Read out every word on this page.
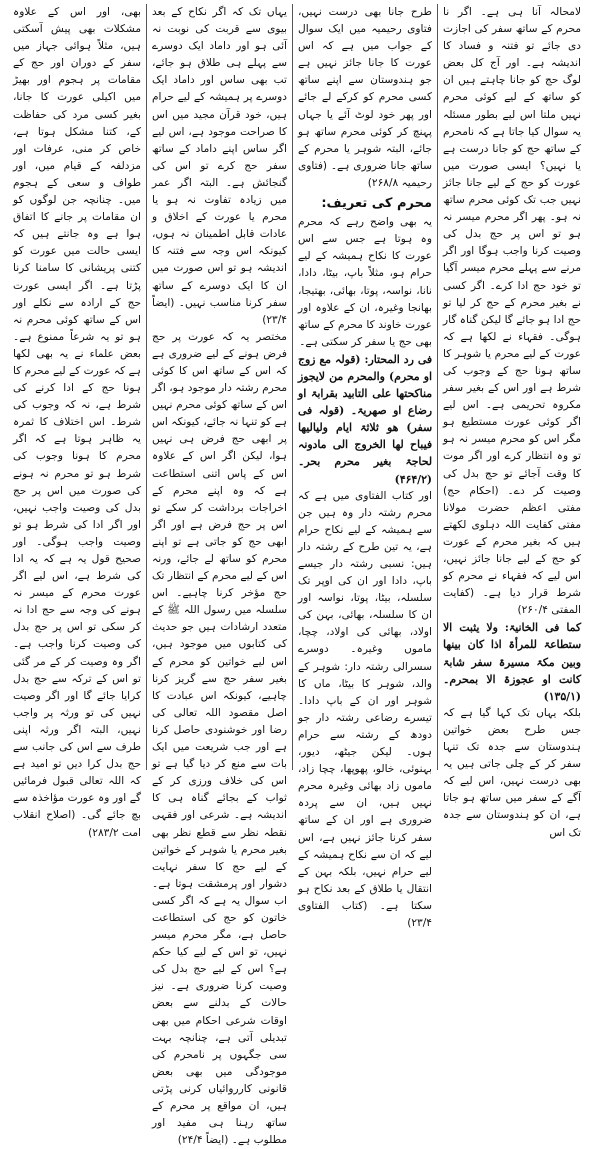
لامحالہ آنا ہی ہے۔ اگر نا محرم کے ساتھ سفر کی اجازت دی جائے تو فتنہ و فساد کا اندیشہ ہے۔ اور آج کل بعض لوگ حج کو جانا چاہتے ہیں ان کو ساتھ کے لیے کوئی محرم نہیں ملتا اس لیے بطور مسئلہ یہ سوال کیا جاتا ہے کہ نامحرم کے ساتھ حج کو جانا درست ہے یا نہیں؟ ایسی صورت میں عورت کو حج کے لیے جانا جائز نہیں جب تک کوئی محرم ساتھ نہ ہو۔ پھر اگر محرم میسر نہ ہو تو اس پر حج بدل کی وصیت کرنا واجب ہوگا اور اگر مرنے سے پہلے محرم میسر آگیا تو خود حج ادا کرے۔ اگر کسی نے بغیر محرم کے حج کر لیا تو حج ادا ہو جائے گا لیکن گناہ گار ہوگی۔ فقہاء نے لکھا ہے کہ عورت کے لیے محرم یا شوہر کا ساتھ ہونا حج کے وجوب کی شرط ہے اور اس کے بغیر سفر مکروہ تحریمی ہے۔ اس لیے اگر کوئی عورت مستطیع ہو مگر اس کو محرم میسر نہ ہو تو وہ انتظار کرے اور اگر موت کا وقت آجائے تو حج بدل کی وصیت کر دے۔ (احکام حج) مفتی اعظم حضرت مولانا مفتی کفایت اللہ دہلوی لکھتے ہیں کہ بغیر محرم کے عورت کو حج کے لیے جانا جائز نہیں، اس لیے کہ فقہاء نے محرم کو شرط قرار دیا ہے۔ (کفایت المفتی ۲۶۰/۴)

کما فی الخانیۃ: ولا یثبت الا ستطاعۃ للمرأۃ اذا کان بینھا وبین مکۃ مسیرۃ سفر شابۃ کانت او عجوزۃ الا بمحرم۔ (۱۳۵/۱)

بلکہ یہاں تک کہا گیا ہے کہ جس طرح بعض خواتین ہندوستان سے جدہ تک تنہا سفر کر کے چلی جاتی ہیں یہ بھی درست نہیں، اس لیے کہ آگے کے سفر میں ساتھ ہو جاتا ہے، ان کو ہندوستان سے جدہ تک اس

طرح جانا بھی درست نہیں، فتاوی رحیمیہ میں ایک سوال کے جواب میں ہے کہ اس عورت کا جانا جائز نہیں ہے جو ہندوستان سے اپنے ساتھ کسی محرم کو کرکے لے جائے اور پھر خود لوٹ آئے یا جہاں پہنچ کر کوئی محرم ساتھ ہو جائے، البتہ شوہر یا محرم کے ساتھ جانا ضروری ہے۔ (فتاوی رحیمیہ ۲۶۸/۸)

محرم کی تعریف:

یہ بھی واضح رہے کہ محرم وہ ہوتا ہے جس سے اس عورت کا نکاح ہمیشہ کے لیے حرام ہو، مثلاً باپ، بیٹا، دادا، نانا، نواسہ، پوتا، بھائی، بھتیجا، بھانجا وغیرہ، ان کے علاوہ اور عورت خاوند کا محرم کے ساتھ بھی حج یا سفر کر سکتی ہے۔

فی رد المحتار: (قولہ مع زوج او محرم) والمحرم من لایجوز مناکحتھا علی التابید بقرابۃ او رضاع او صھریۃ۔ (قولہ فی سفر) ھو ثلاثۃ ایام ولیالیھا فیباح لھا الخروج الی مادونہ لحاجۃ بغیر محرم بحر۔ (۴۶۴/۲)

اور کتاب الفتاوی میں ہے کہ محرم رشتہ دار وہ ہیں جن سے ہمیشہ کے لیے نکاح حرام ہے، یہ تین طرح کے رشتہ دار ہیں: نسبی رشتہ دار جیسے باپ، دادا اور ان کی اوپر تک سلسلہ، بیٹا، پوتا، نواسہ اور ان کا سلسلہ، بھائی، بہن کی اولاد، بھائی کی اولاد، چچا، ماموں وغیرہ۔ دوسرے سسرالی رشتہ دار: شوہر کے والد، شوہر کا بیٹا، ماں کا شوہر اور ان کے باپ دادا۔ تیسرے رضاعی رشتہ دار جو دودھ کے رشتہ سے حرام ہوں۔ لیکن جیٹھ، دیور، بہنوئی، خالو، پھوپھا، چچا زاد، ماموں زاد بھائی وغیرہ محرم نہیں ہیں، ان سے پردہ ضروری ہے اور ان کے ساتھ سفر کرنا جائز نہیں ہے، اس لیے کہ ان سے نکاح ہمیشہ کے لیے حرام نہیں، بلکہ بہن کے انتقال یا طلاق کے بعد نکاح ہو سکتا ہے۔ (کتاب الفتاوی ۲۳/۴)

یہاں تک کہ اگر نکاح کے بعد بیوی سے قربت کی نوبت نہ آئی ہو اور داماد ایک دوسرے سے پہلے ہی طلاق ہو جائے، تب بھی ساس اور داماد ایک دوسرے پر ہمیشہ کے لیے حرام ہیں، خود قرآن مجید میں اس کا صراحت موجود ہے، اس لیے اگر ساس اپنے داماد کے ساتھ سفر حج کرے تو اس کی گنجائش ہے۔ البتہ اگر عمر میں زیادہ تفاوت نہ ہو یا محرم یا عورت کے اخلاق و عادات قابل اطمینان نہ ہوں، کیونکہ اس وجہ سے فتنہ کا اندیشہ ہو تو اس صورت میں ان کا ایک دوسرے کے ساتھ سفر کرنا مناسب نہیں۔ (ایضاً ۲۳/۴)

مختصر یہ کہ عورت پر حج فرض ہونے کے لیے ضروری ہے کہ اس کے ساتھ اس کا کوئی محرم رشتہ دار موجود ہو، اگر اس کے ساتھ کوئی محرم نہیں ہے کو تنہا نہ جائے، کیونکہ اس پر ابھی حج فرض ہی نہیں ہوا، لیکن اگر اس کے علاوہ اس کے پاس اتنی استطاعت ہے کہ وہ اپنے محرم کے اخراجات برداشت کر سکے تو اس پر حج فرض ہے اور اگر ابھی حج کو جاتی ہے تو اپنے محرم کو ساتھ لے جائے، ورنہ اس کے لیے محرم کے انتظار تک حج مؤخر کرنا چاہیے۔ اس سلسلہ میں رسول اللہ ﷺ کے متعدد ارشادات ہیں جو حدیث کی کتابوں میں موجود ہیں، اس لیے خواتین کو محرم کے بغیر سفر حج سے گریز کرنا چاہیے، کیونکہ اس عبادت کا اصل مقصود اللہ تعالی کی رضا اور خوشنودی حاصل کرنا ہے اور جب شریعت میں ایک بات سے منع کر دیا گیا ہے تو اس کی خلاف ورزی کر کے ثواب کے بجائے گناہ ہی کا اندیشہ ہے۔ شرعی اور فقہی نقطہ نظر سے قطع نظر بھی بغیر محرم یا شوہر کے خواتین کے لیے حج کا سفر نہایت دشوار اور پرمشقت ہوتا ہے۔ اب سوال یہ ہے کہ اگر کسی خاتون کو حج کی استطاعت حاصل ہے، مگر محرم میسر نہیں، تو اس کے لیے کیا حکم ہے؟ اس کے لیے حج بدل کی وصیت کرنا ضروری ہے۔ نیز حالات کے بدلنے سے بعض اوقات شرعی احکام میں بھی تبدیلی آتی ہے، چنانچہ بہت سی جگہوں پر نامحرم کی موجودگی میں بھی بعض قانونی کارروائیاں کرنی پڑتی ہیں، ان مواقع پر محرم کے ساتھ رہنا ہی مفید اور مطلوب ہے۔ (ایضاً ۲۴/۴)

بھی، اور اس کے علاوہ مشکلات بھی پیش آسکتی ہیں، مثلاً ہوائی جہاز میں سفر کے دوران اور حج کے مقامات پر ہجوم اور بھیڑ میں اکیلی عورت کا جانا، بغیر کسی مرد کی حفاظت کے، کتنا مشکل ہوتا ہے، خاص کر منی، عرفات اور مزدلفہ کے قیام میں، اور طواف و سعی کے ہجوم میں۔ چنانچہ جن لوگوں کو ان مقامات پر جانے کا اتفاق ہوا ہے وہ جانتے ہیں کہ ایسی حالت میں عورت کو کتنی پریشانی کا سامنا کرنا پڑتا ہے۔ اگر ایسی عورت حج کے ارادہ سے نکلے اور اس کے ساتھ کوئی محرم نہ ہو تو یہ شرعاً ممنوع ہے۔ بعض علماء نے یہ بھی لکھا ہے کہ عورت کے لیے محرم کا ہونا حج کے ادا کرنے کی شرط ہے، نہ کہ وجوب کی شرط۔ اس اختلاف کا ثمرہ یہ ظاہر ہوتا ہے کہ اگر محرم کا ہونا وجوب کی شرط ہو تو محرم نہ ہونے کی صورت میں اس پر حج بدل کی وصیت واجب نہیں، اور اگر ادا کی شرط ہو تو وصیت واجب ہوگی۔ اور صحیح قول یہ ہے کہ یہ ادا کی شرط ہے، اس لیے اگر عورت محرم کے میسر نہ ہونے کی وجہ سے حج ادا نہ کر سکی تو اس پر حج بدل کی وصیت کرنا واجب ہے۔ اگر وہ وصیت کر کے مر گئی تو اس کے ترکہ سے حج بدل کرایا جائے گا اور اگر وصیت نہیں کی تو ورثہ پر واجب نہیں، البتہ اگر ورثہ اپنی طرف سے اس کی جانب سے حج بدل کرا دیں تو امید ہے کہ اللہ تعالی قبول فرمائیں گے اور وہ عورت مؤاخذہ سے بچ جائے گی۔ (اصلاح انقلاب امت ۲۸۳/۲)
